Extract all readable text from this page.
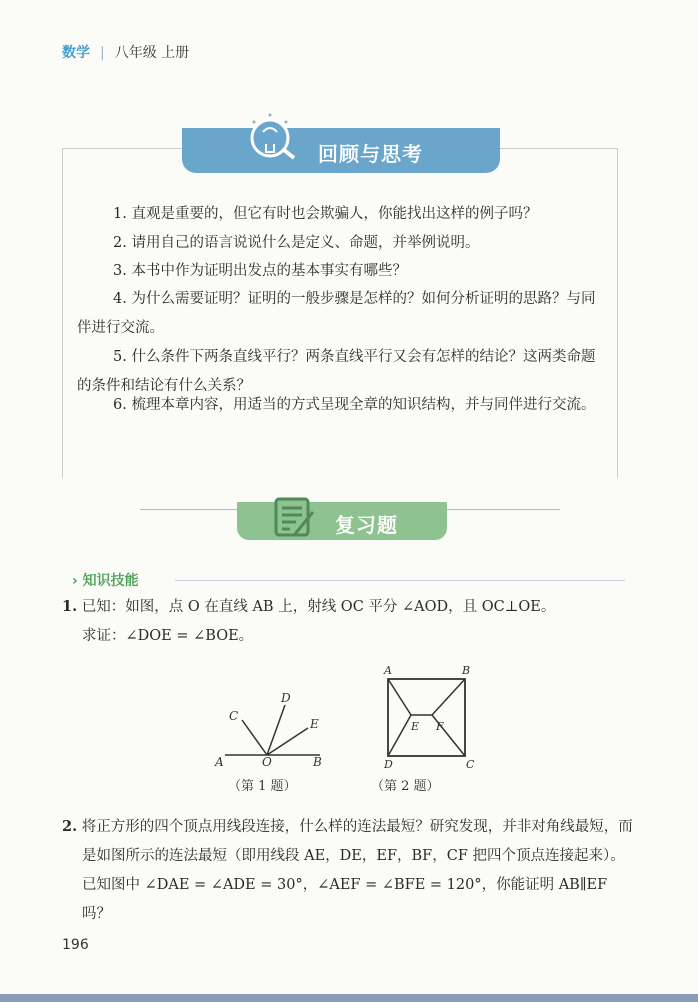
数学 | 八年级 上册
回顾与思考
1. 直观是重要的，但它有时也会欺骗人，你能找出这样的例子吗？
2. 请用自己的语言说说什么是定义、命题，并举例说明。
3. 本书中作为证明出发点的基本事实有哪些？
4. 为什么需要证明？证明的一般步骤是怎样的？如何分析证明的思路？与同伴进行交流。
5. 什么条件下两条直线平行？两条直线平行又会有怎样的结论？这两类命题的条件和结论有什么关系？
6. 梳理本章内容，用适当的方式呈现全章的知识结构，并与同伴进行交流。
复习题
› 知识技能
1. 已知：如图，点 O 在直线 AB 上，射线 OC 平分 ∠AOD，且 OC⊥OE。
求证：∠DOE = ∠BOE。
A	O	B
C
D
E
（第 1 题）
A	B
C
D
E F
（第 2 题）
2. 将正方形的四个顶点用线段连接，什么样的连法最短？研究发现，并非对角线最短，而是如图所示的连法最短（即用线段 AE，DE，EF，BF，CF 把四个顶点连接起来）。已知图中 ∠DAE = ∠ADE = 30°，∠AEF = ∠BFE = 120°，你能证明 AB∥EF 吗？
196
